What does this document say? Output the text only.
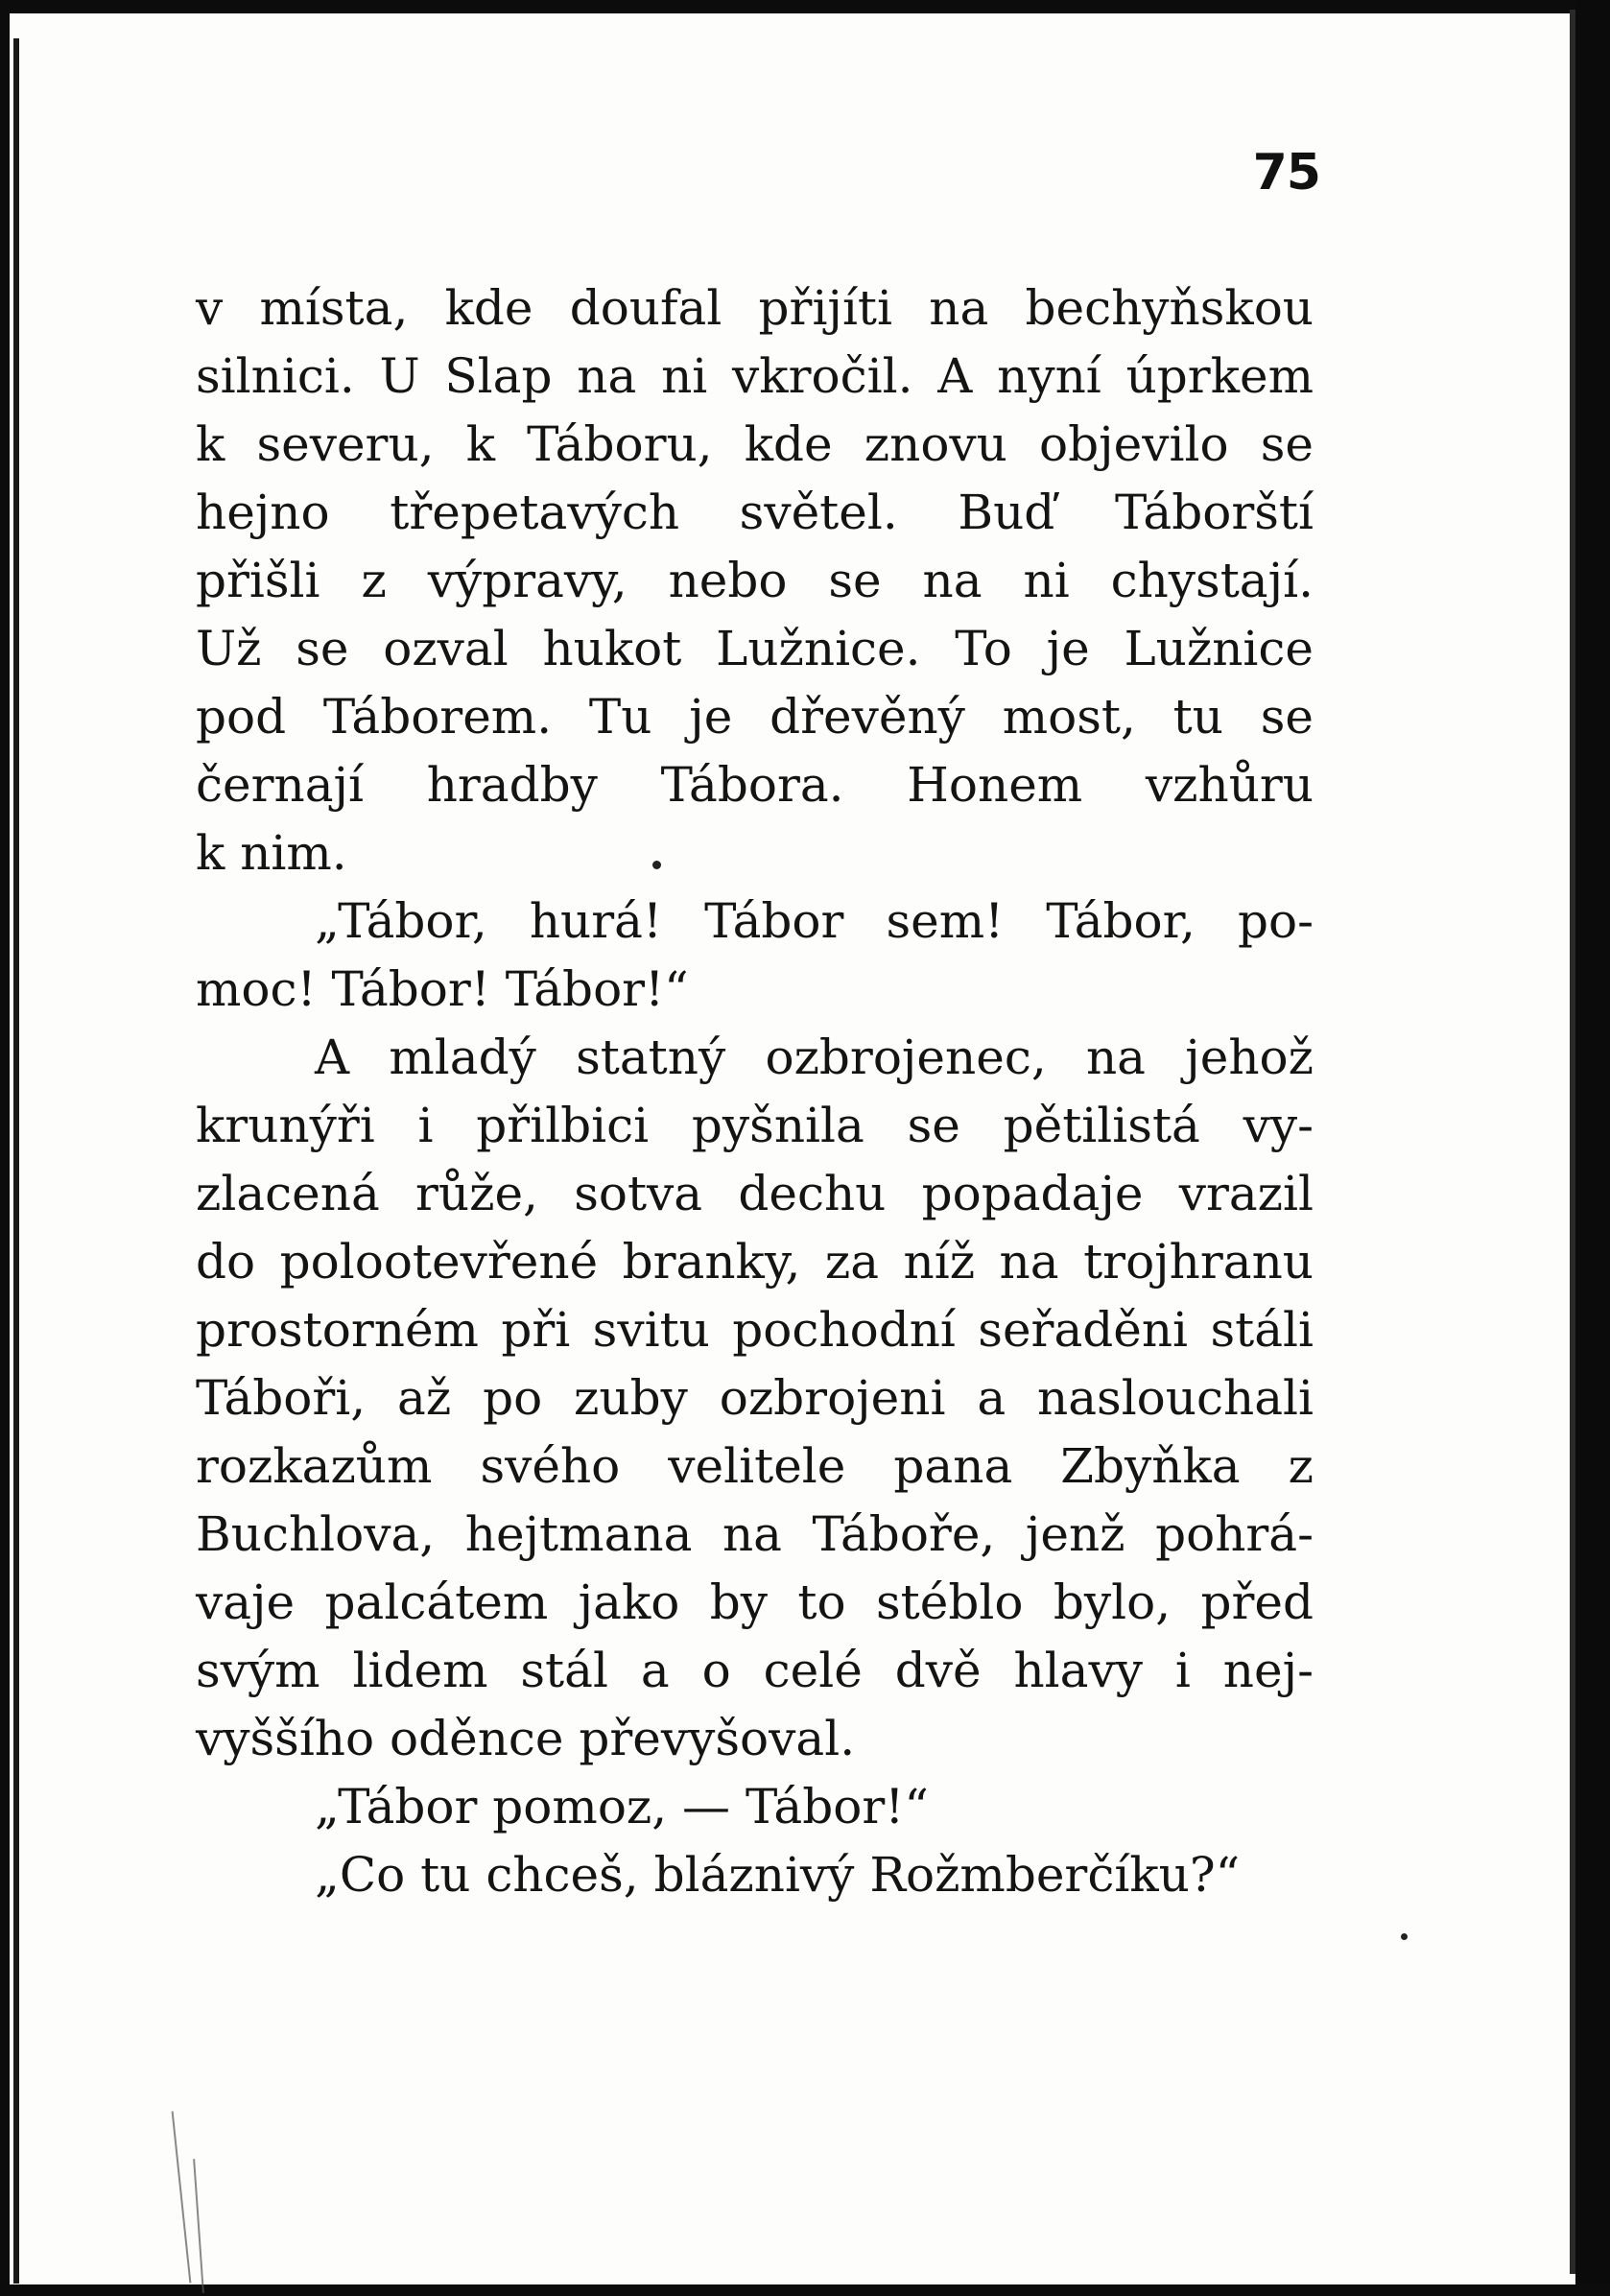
75
v místa, kde doufal přijíti na bechyňskou
silnici. U Slap na ni vkročil. A nyní úprkem
k severu, k Táboru, kde znovu objevilo se
hejno třepetavých světel. Buď Táborští
přišli z výpravy, nebo se na ni chystají.
Už se ozval hukot Lužnice. To je Lužnice
pod Táborem. Tu je dřevěný most, tu se
černají hradby Tábora. Honem vzhůru
k nim.
„Tábor, hurá! Tábor sem! Tábor, po-
moc! Tábor! Tábor!“
A mladý statný ozbrojenec, na jehož
krunýři i přilbici pyšnila se pětilistá vy-
zlacená růže, sotva dechu popadaje vrazil
do polootevřené branky, za níž na trojhranu
prostorném při svitu pochodní seřaděni stáli
Táboři, až po zuby ozbrojeni a naslouchali
rozkazům svého velitele pana Zbyňka z
Buchlova, hejtmana na Táboře, jenž pohrá-
vaje palcátem jako by to stéblo bylo, před
svým lidem stál a o celé dvě hlavy i nej-
vyššího oděnce převyšoval.
„Tábor pomoz, — Tábor!“
„Co tu chceš, bláznivý Rožmberčíku?“
